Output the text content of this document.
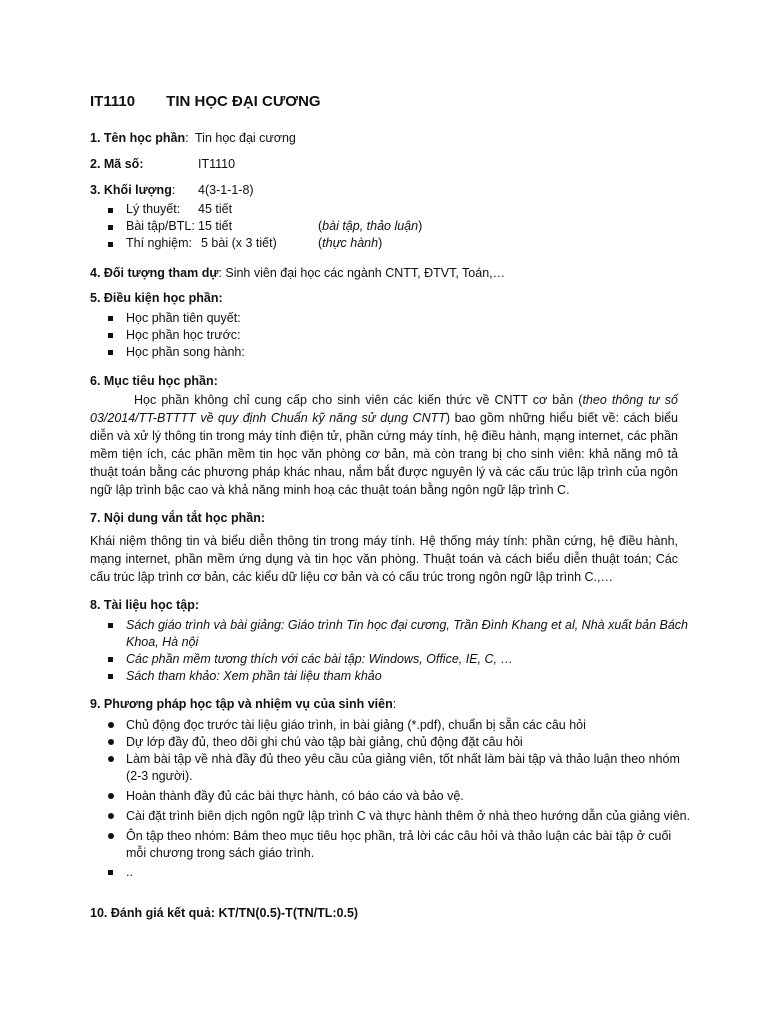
IT1110 TIN HỌC ĐẠI CƯƠNG
1. Tên học phần: Tin học đại cương
2. Mã số:	IT1110
3. Khối lượng: 4(3-1-1-8)
Lý thuyết: 45 tiết
Bài tập/BTL: 15 tiết	(bài tập, thảo luận)
Thí nghiệm: 5 bài (x 3 tiết)	(thực hành)
4. Đối tượng tham dự: Sinh viên đại học các ngành CNTT, ĐTVT, Toán,…
5. Điều kiện học phần:
Học phần tiên quyết:
Học phần học trước:
Học phần song hành:
6. Mục tiêu học phần:
Học phần không chỉ cung cấp cho sinh viên các kiến thức về CNTT cơ bản (theo thông tư số 03/2014/TT-BTTTT về quy định Chuẩn kỹ năng sử dụng CNTT) bao gồm những hiểu biết về: cách biểu diễn và xử lý thông tin trong máy tính điện tử, phần cứng máy tính, hệ điều hành, mạng internet, các phần mềm tiện ích, các phần mềm tin học văn phòng cơ bản, mà còn trang bị cho sinh viên: khả năng mô tả thuật toán bằng các phương pháp khác nhau, nắm bắt được nguyên lý và các cấu trúc lập trình của ngôn ngữ lập trình bậc cao và khả năng minh hoạ các thuật toán bằng ngôn ngữ lập trình C.
7. Nội dung vắn tắt học phần:
Khái niệm thông tin và biểu diễn thông tin trong máy tính. Hệ thống máy tính: phần cứng, hệ điều hành, mạng internet, phần mềm ứng dụng và tin học văn phòng. Thuật toán và cách biểu diễn thuật toán; Các cấu trúc lập trình cơ bản, các kiểu dữ liệu cơ bản và có cấu trúc trong ngôn ngữ lập trình C.,…
8. Tài liệu học tập:
Sách giáo trình và bài giảng: Giáo trình Tin học đại cương, Trần Đình Khang et al, Nhà xuất bản Bách Khoa, Hà nội
Các phần mềm tương thích với các bài tập: Windows, Office, IE, C, …
Sách tham khảo: Xem phần tài liệu tham khảo
9. Phương pháp học tập và nhiệm vụ của sinh viên:
Chủ động đọc trước tài liệu giáo trình, in bài giảng (*.pdf), chuẩn bị sẵn các câu hỏi
Dự lớp đầy đủ, theo dõi ghi chú vào tập bài giảng, chủ động đặt câu hỏi
Làm bài tập về nhà đầy đủ theo yêu cầu của giảng viên, tốt nhất làm bài tập và thảo luận theo nhóm (2-3 người).
Hoàn thành đầy đủ các bài thực hành, có báo cáo và bảo vệ.
Cài đặt trình biên dịch ngôn ngữ lập trình C và thực hành thêm ở nhà theo hướng dẫn của giảng viên.
Ôn tập theo nhóm: Bám theo mục tiêu học phần, trả lời các câu hỏi và thảo luận các bài tập ở cuối mỗi chương trong sách giáo trình.
..
10. Đánh giá kết quả: KT/TN(0.5)-T(TN/TL:0.5)
